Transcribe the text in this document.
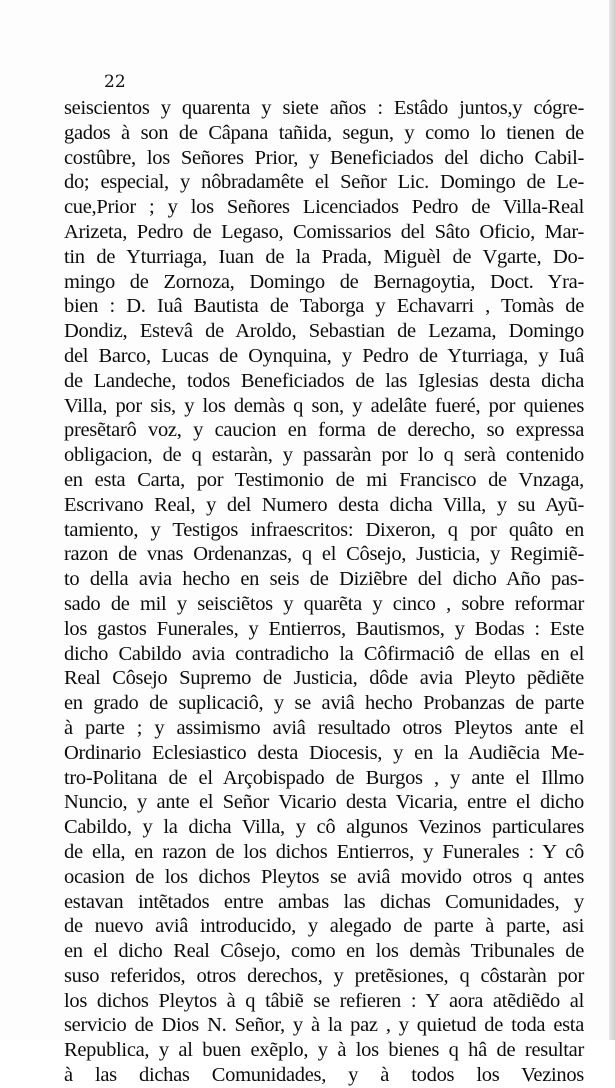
22
seiscientos y quarenta y siete años : Estâdo juntos,y cógre-
gados à son de Câpana tañida, segun, y como lo tienen de
costûbre, los Señores Prior, y Beneficiados del dicho Cabil-
do; especial, y nôbradamête el Señor Lic. Domingo de Le-
cue,Prior ; y los Señores Licenciados Pedro de Villa-Real
Arizeta, Pedro de Legaso, Comissarios del Sâto Oficio, Mar-
tin de Yturriaga, Iuan de la Prada, Miguèl de Vgarte, Do-
mingo de Zornoza, Domingo de Bernagoytia, Doct. Yra-
bien : D. Iuâ Bautista de Taborga y Echavarri , Tomàs de
Dondiz, Estevâ de Aroldo, Sebastian de Lezama, Domingo
del Barco, Lucas de Oynquina, y Pedro de Yturriaga, y Iuâ
de Landeche, todos Beneficiados de las Iglesias desta dicha
Villa, por sis, y los demàs q son, y adelâte fueré, por quienes
presẽtarô voz, y caucion en forma de derecho, so expressa
obligacion, de q estaràn, y passaràn por lo q serà contenido
en esta Carta, por Testimonio de mi Francisco de Vnzaga,
Escrivano Real, y del Numero desta dicha Villa, y su Ayũ-
tamiento, y Testigos infraescritos: Dixeron, q por quâto en
razon de vnas Ordenanzas, q el Côsejo, Justicia, y Regimiẽ-
to della avia hecho en seis de Diziẽbre del dicho Año pas-
sado de mil y seisciẽtos y quarẽta y cinco , sobre reformar
los gastos Funerales, y Entierros, Bautismos, y Bodas : Este
dicho Cabildo avia contradicho la Côfirmaciô de ellas en el
Real Côsejo Supremo de Justicia, dôde avia Pleyto pẽdiẽte
en grado de suplicaciô, y se aviâ hecho Probanzas de parte
à parte ; y assimismo aviâ resultado otros Pleytos ante el
Ordinario Eclesiastico desta Diocesis, y en la Audiẽcia Me-
tro-Politana de el Arçobispado de Burgos , y ante el Illmo
Nuncio, y ante el Señor Vicario desta Vicaria, entre el dicho
Cabildo, y la dicha Villa, y cô algunos Vezinos particulares
de ella, en razon de los dichos Entierros, y Funerales : Y cô
ocasion de los dichos Pleytos se aviâ movido otros q antes
estavan intẽtados entre ambas las dichas Comunidades, y
de nuevo aviâ introducido, y alegado de parte à parte, asi
en el dicho Real Côsejo, como en los demàs Tribunales de
suso referidos, otros derechos, y pretẽsiones, q côstaràn por
los dichos Pleytos à q tâbiẽ se refieren : Y aora atẽdiẽdo al
servicio de Dios N. Señor, y à la paz , y quietud de toda esta
Republica, y al buen exẽplo, y à los bienes q hâ de resultar
à las dichas Comunidades, y à todos los Vezinos
